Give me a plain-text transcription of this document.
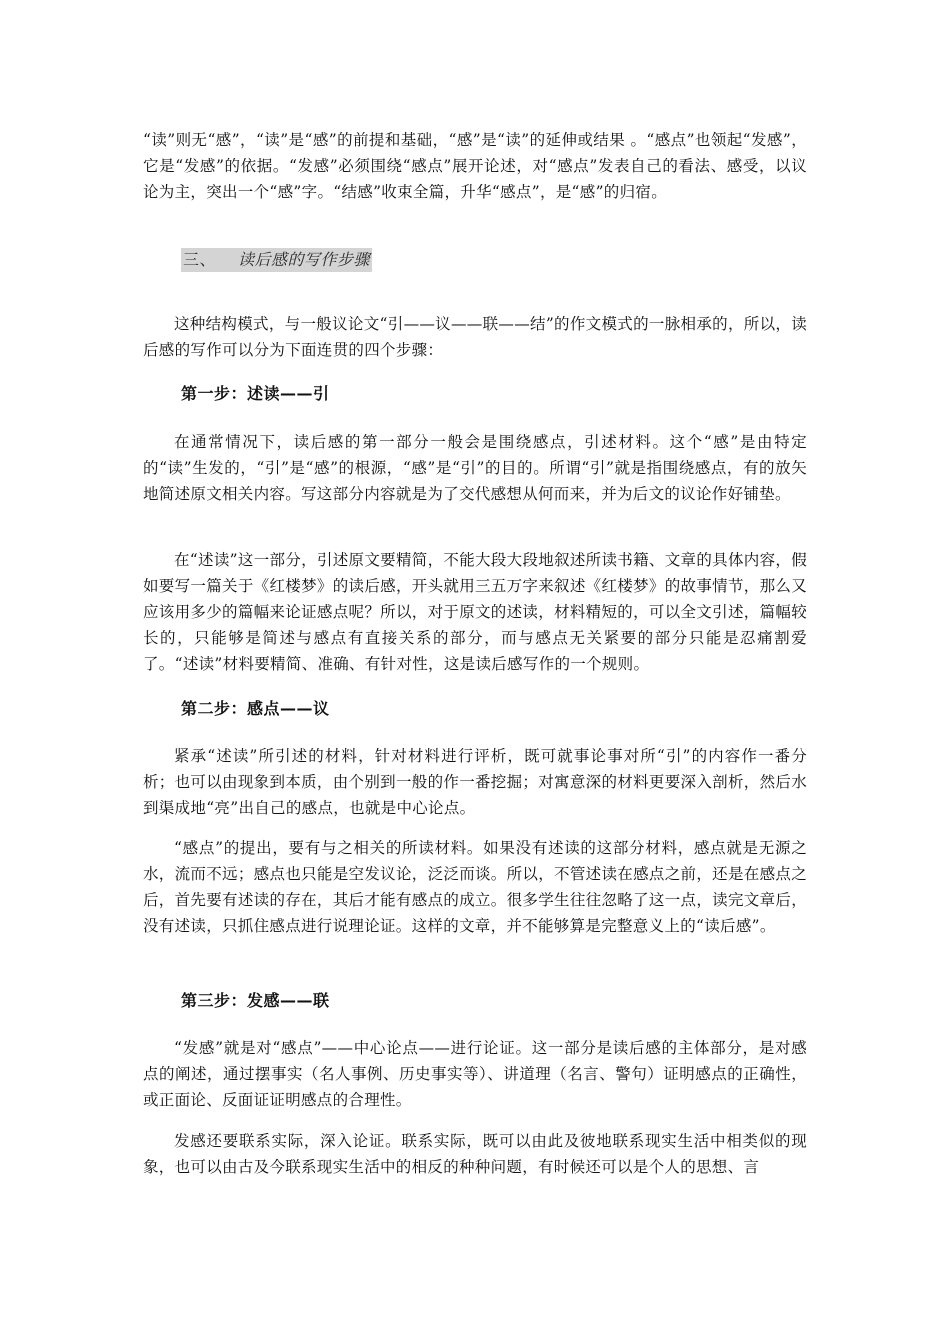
“读”则无“感”，“读”是“感”的前提和基础，“感”是“读”的延伸或结果 。“感点”也领起“发感”，它是“发感”的依据。“发感”必须围绕“感点”展开论述，对“感点”发表自己的看法、感受，以议论为主，突出一个“感”字。“结感”收束全篇，升华“感点”，是“感”的归宿。

三、 读后感的写作步骤

这种结构模式，与一般议论文“引——议——联——结”的作文模式的一脉相承的，所以，读后感的写作可以分为下面连贯的四个步骤：

第一步：述读——引

在通常情况下，读后感的第一部分一般会是围绕感点，引述材料。这个“感”是由特定的“读”生发的，“引”是“感”的根源，“感”是“引”的目的。所谓“引”就是指围绕感点，有的放矢地简述原文相关内容。写这部分内容就是为了交代感想从何而来，并为后文的议论作好铺垫。

在“述读”这一部分，引述原文要精简，不能大段大段地叙述所读书籍、文章的具体内容，假如要写一篇关于《红楼梦》的读后感，开头就用三五万字来叙述《红楼梦》的故事情节，那么又应该用多少的篇幅来论证感点呢？所以，对于原文的述读，材料精短的，可以全文引述，篇幅较长的，只能够是简述与感点有直接关系的部分，而与感点无关紧要的部分只能是忍痛割爱了。“述读”材料要精简、准确、有针对性，这是读后感写作的一个规则。

第二步：感点——议

紧承“述读”所引述的材料，针对材料进行评析，既可就事论事对所“引”的内容作一番分析；也可以由现象到本质，由个别到一般的作一番挖掘；对寓意深的材料更要深入剖析，然后水到渠成地“亮”出自己的感点，也就是中心论点。

“感点”的提出，要有与之相关的所读材料。如果没有述读的这部分材料，感点就是无源之水，流而不远；感点也只能是空发议论，泛泛而谈。所以，不管述读在感点之前，还是在感点之后，首先要有述读的存在，其后才能有感点的成立。很多学生往往忽略了这一点，读完文章后，没有述读，只抓住感点进行说理论证。这样的文章，并不能够算是完整意义上的“读后感”。

第三步：发感——联

“发感”就是对“感点”——中心论点——进行论证。这一部分是读后感的主体部分，是对感点的阐述，通过摆事实（名人事例、历史事实等）、讲道理（名言、警句）证明感点的正确性，或正面论、反面证证明感点的合理性。

发感还要联系实际，深入论证。联系实际，既可以由此及彼地联系现实生活中相类似的现象，也可以由古及今联系现实生活中的相反的种种问题，有时候还可以是个人的思想、言
